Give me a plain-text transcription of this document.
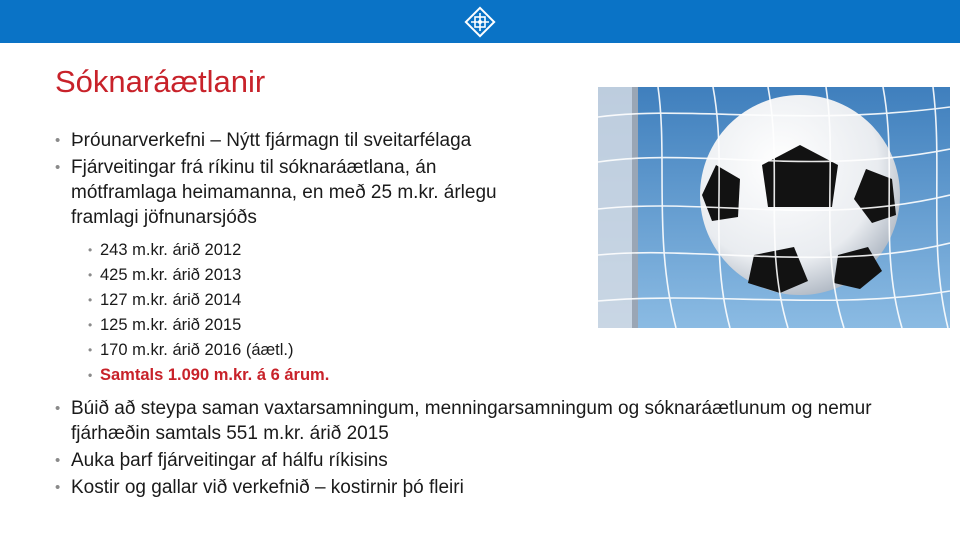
Sóknaráætlanir
• Þróunarverkefni – Nýtt fjármagn til sveitarfélaga
• Fjárveitingar frá ríkinu til sóknaráætlana, án mótframlaga heimamanna, en með 25 m.kr. árlegu framlagi jöfnunarsjóðs
• 243 m.kr. árið 2012
• 425 m.kr. árið 2013
• 127 m.kr. árið 2014
• 125 m.kr. árið 2015
• 170 m.kr. árið 2016 (áætl.)
• Samtals 1.090 m.kr. á 6 árum.
• Búið að steypa saman vaxtarsamningum, menningarsamningum og sóknaráætlunum og nemur fjárhæðin samtals 551 m.kr. árið 2015
• Auka þarf fjárveitingar af hálfu ríkisins
• Kostir og gallar við verkefnið – kostirnir þó fleiri
